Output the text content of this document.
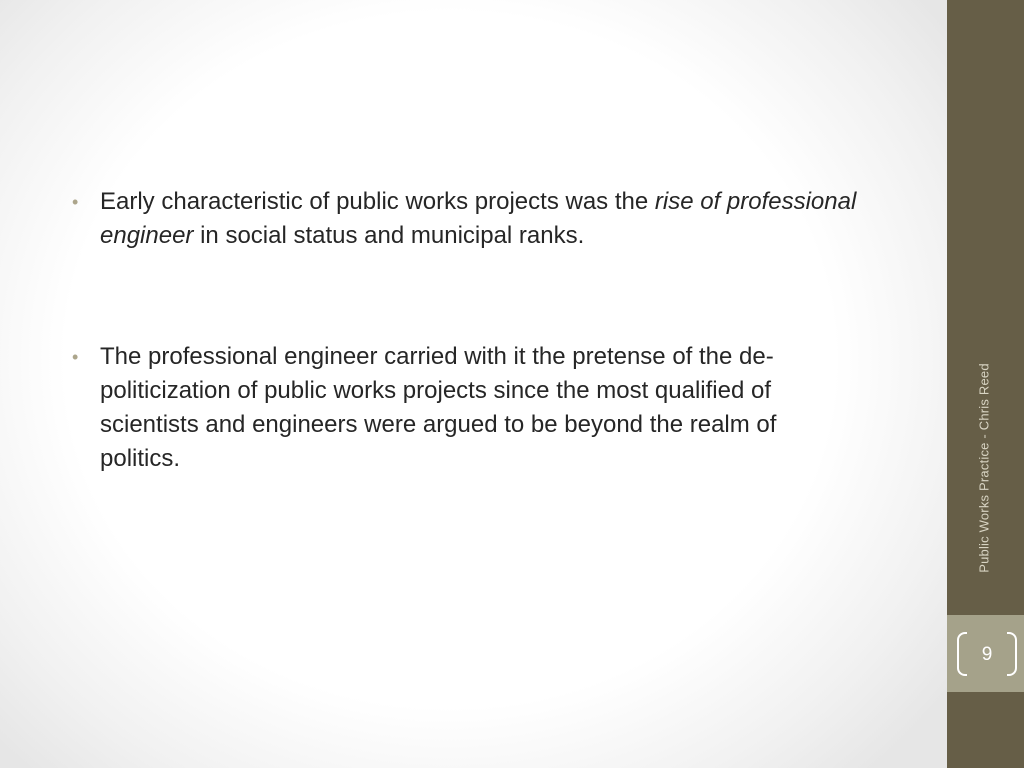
• Early characteristic of public works projects was the rise of professional engineer in social status and municipal ranks.
• The professional engineer carried with it the pretense of the de-politicization of public works projects since the most qualified of scientists and engineers were argued to be beyond the realm of politics.	Public Works Practice - Chris Reed
9
